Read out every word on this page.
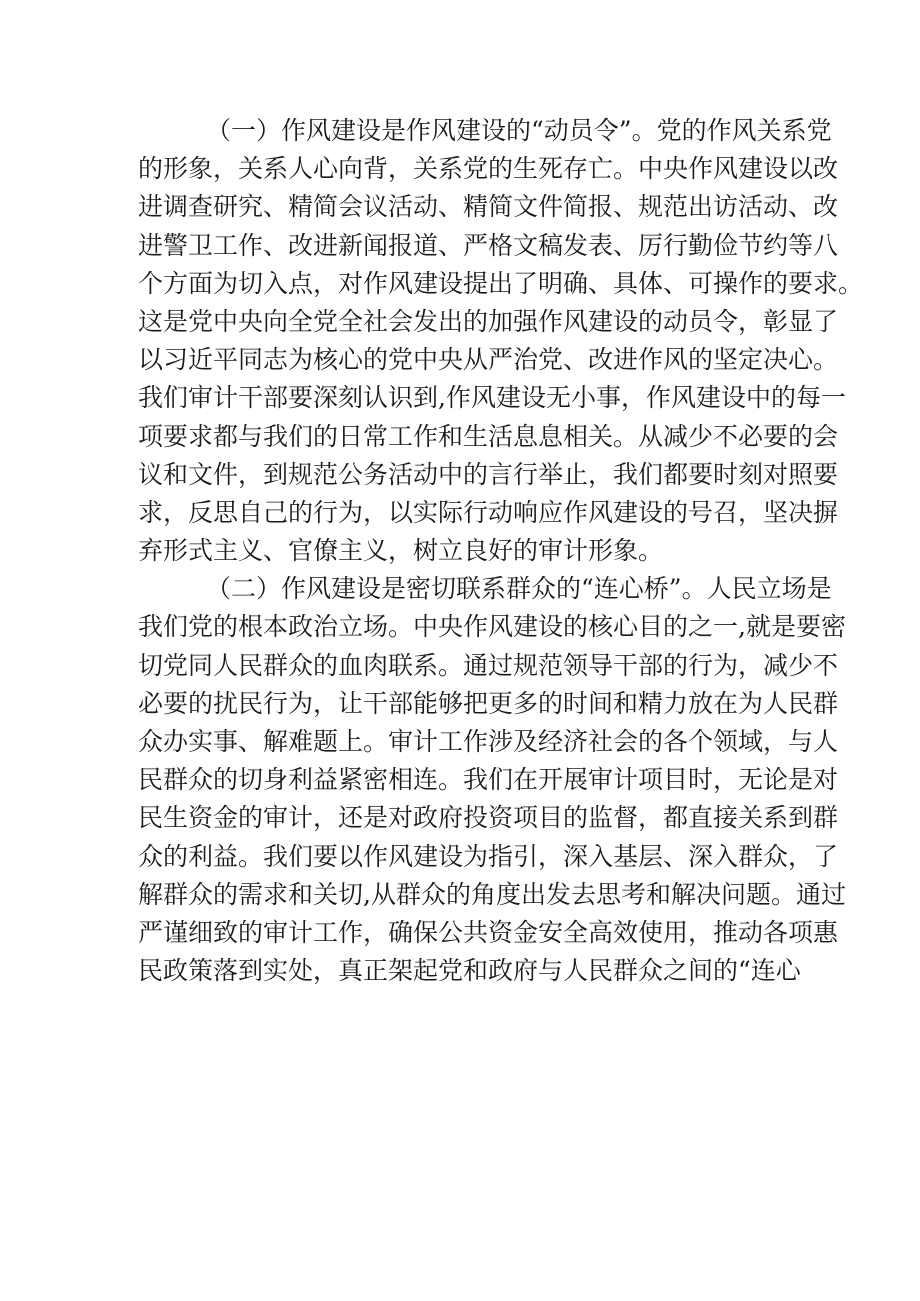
（一）作风建设是作风建设的“动员令”。党的作风关系党
的形象，关系人心向背，关系党的生死存亡。中央作风建设以改
进调查研究、精简会议活动、精简文件简报、规范出访活动、改
进警卫工作、改进新闻报道、严格文稿发表、厉行勤俭节约等八
个方面为切入点，对作风建设提出了明确、具体、可操作的要求。
这是党中央向全党全社会发出的加强作风建设的动员令，彰显了
以习近平同志为核心的党中央从严治党、改进作风的坚定决心。
我们审计干部要深刻认识到,作风建设无小事，作风建设中的每一
项要求都与我们的日常工作和生活息息相关。从减少不必要的会
议和文件，到规范公务活动中的言行举止，我们都要时刻对照要
求，反思自己的行为，以实际行动响应作风建设的号召，坚决摒
弃形式主义、官僚主义，树立良好的审计形象。
（二）作风建设是密切联系群众的“连心桥”。人民立场是
我们党的根本政治立场。中央作风建设的核心目的之一,就是要密
切党同人民群众的血肉联系。通过规范领导干部的行为，减少不
必要的扰民行为，让干部能够把更多的时间和精力放在为人民群
众办实事、解难题上。审计工作涉及经济社会的各个领域，与人
民群众的切身利益紧密相连。我们在开展审计项目时，无论是对
民生资金的审计，还是对政府投资项目的监督，都直接关系到群
众的利益。我们要以作风建设为指引，深入基层、深入群众，了
解群众的需求和关切,从群众的角度出发去思考和解决问题。通过
严谨细致的审计工作，确保公共资金安全高效使用，推动各项惠
民政策落到实处，真正架起党和政府与人民群众之间的“连心
